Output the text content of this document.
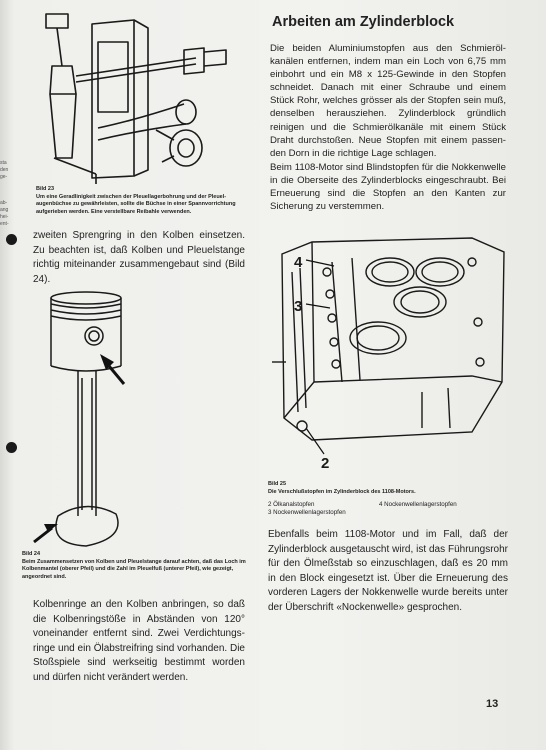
sta
den
ge-
ab-
ang
hei-
ent-
Bild 23
Um eine Geradlinigkeit zwischen der Pleuellagerbohrung und der Pleuelaugenbüchse zu gewährleisten, sollte die Büchse in einer Spannvorrichtung aufgerieben werden. Eine verstellbare Reibahle verwenden.
zweiten Sprengring in den Kolben einsetzen. Zu beachten ist, daß Kolben und Pleuelstange richtig miteinander zusammengebaut sind (Bild 24).
Bild 24
Beim Zusammensetzen von Kolben und Pleuelstange darauf achten, daß das Loch im Kolbenmantel (oberer Pfeil) und die Zahl im Pleuelfuß (unterer Pfeil), wie gezeigt, angeordnet sind.
Kolbenringe an den Kolben anbringen, so daß die Kolbenringstöße in Abständen von 120° voneinander entfernt sind. Zwei Verdichtungsringe und ein Ölabstreifring sind vorhanden. Die Stoßspiele sind werkseitig bestimmt worden und dürfen nicht verändert werden.
Arbeiten am Zylinderblock
Die beiden Aluminiumstopfen aus den Schmierölkanälen entfernen, indem man ein Loch von 6,75 mm einbohrt und ein M8 x 125-Gewinde in den Stopfen schneidet. Danach mit einer Schraube und einem Stück Rohr, welches grösser als der Stopfen sein muß, denselben herausziehen. Zylinderblock gründlich reinigen und die Schmierölkanäle mit einem Stück Draht durchstoßen. Neue Stopfen mit einem passenden Dorn in die richtige Lage schlagen.
Beim 1108-Motor sind Blindstopfen für die Nokkenwelle in die Oberseite des Zylinderblocks eingeschraubt. Bei Erneuerung sind die Stopfen an den Kanten zur Sicherung zu verstemmen.
4
3
2
Bild 25
Die Verschlußstopfen im Zylinderblock des 1108-Motors.
2 Ölkanalstopfen
3 Nockenwellenlagerstopfen
4 Nockenwellenlagerstopfen
Ebenfalls beim 1108-Motor und im Fall, daß der Zylinderblock ausgetauscht wird, ist das Führungsrohr für den Ölmeßstab so einzuschlagen, daß es 20 mm in den Block eingesetzt ist. Über die Erneuerung des vorderen Lagers der Nokkenwelle wurde bereits unter der Überschrift «Nockenwelle» gesprochen.
13
